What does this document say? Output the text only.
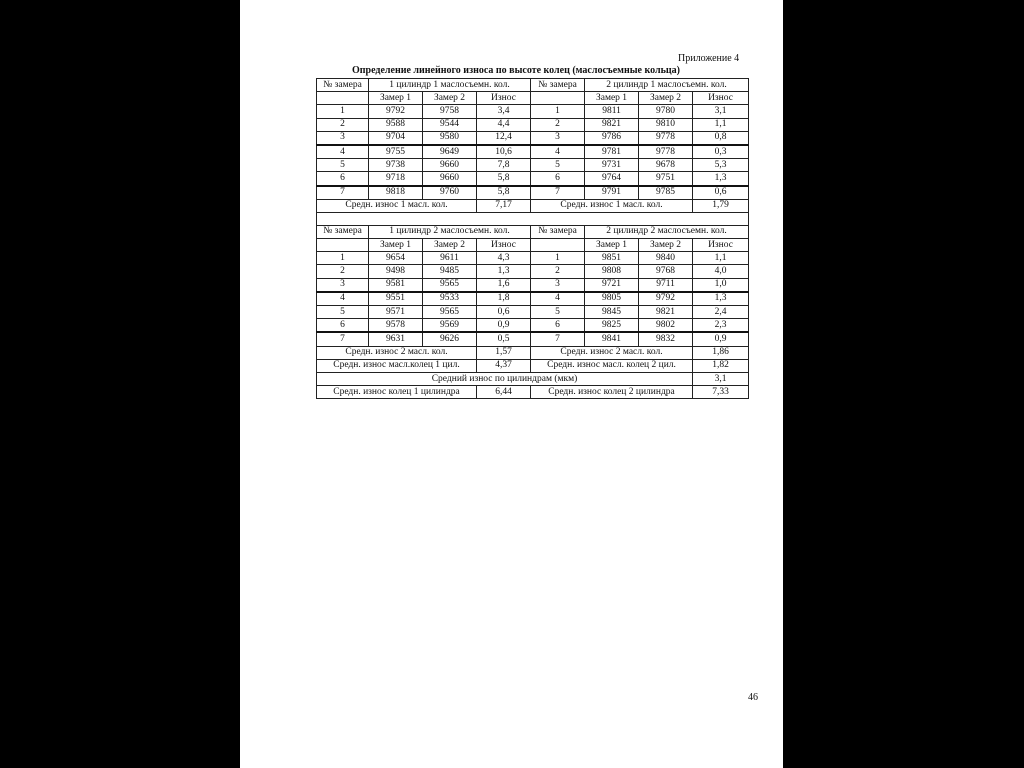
Приложение 4
Определение линейного износа по высоте колец (маслосъемные кольца)
№ замера	1 цилиндр 1 маслосъемн. кол.			№ замера	2 цилиндр 1 маслосъемн. кол.		
	Замер 1	Замер 2	Износ		Замер 1	Замер 2	Износ
1	9792	9758	3,4	1	9811	9780	3,1
2	9588	9544	4,4	2	9821	9810	1,1
3	9704	9580	12,4	3	9786	9778	0,8
4	9755	9649	10,6	4	9781	9778	0,3
5	9738	9660	7,8	5	9731	9678	5,3
6	9718	9660	5,8	6	9764	9751	1,3
7	9818	9760	5,8	7	9791	9785	0,6
Средн. износ 1 масл. кол.			7,17	Средн. износ 1 масл. кол.			1,79

№ замера	1 цилиндр 2 маслосъемн. кол.			№ замера	2 цилиндр 2 маслосъемн. кол.		
	Замер 1	Замер 2	Износ		Замер 1	Замер 2	Износ
1	9654	9611	4,3	1	9851	9840	1,1
2	9498	9485	1,3	2	9808	9768	4,0
3	9581	9565	1,6	3	9721	9711	1,0
4	9551	9533	1,8	4	9805	9792	1,3
5	9571	9565	0,6	5	9845	9821	2,4
6	9578	9569	0,9	6	9825	9802	2,3
7	9631	9626	0,5	7	9841	9832	0,9
Средн. износ 2 масл. кол.			1,57	Средн. износ 2 масл. кол.			1,86
Средн. износ масл.колец 1 цил.			4,37	Средн. износ масл. колец 2 цил.			1,82
Средний износ по цилиндрам (мкм)							3,1
Средн. износ колец 1 цилиндра			6,44	Средн. износ колец 2 цилиндра			7,33
46
